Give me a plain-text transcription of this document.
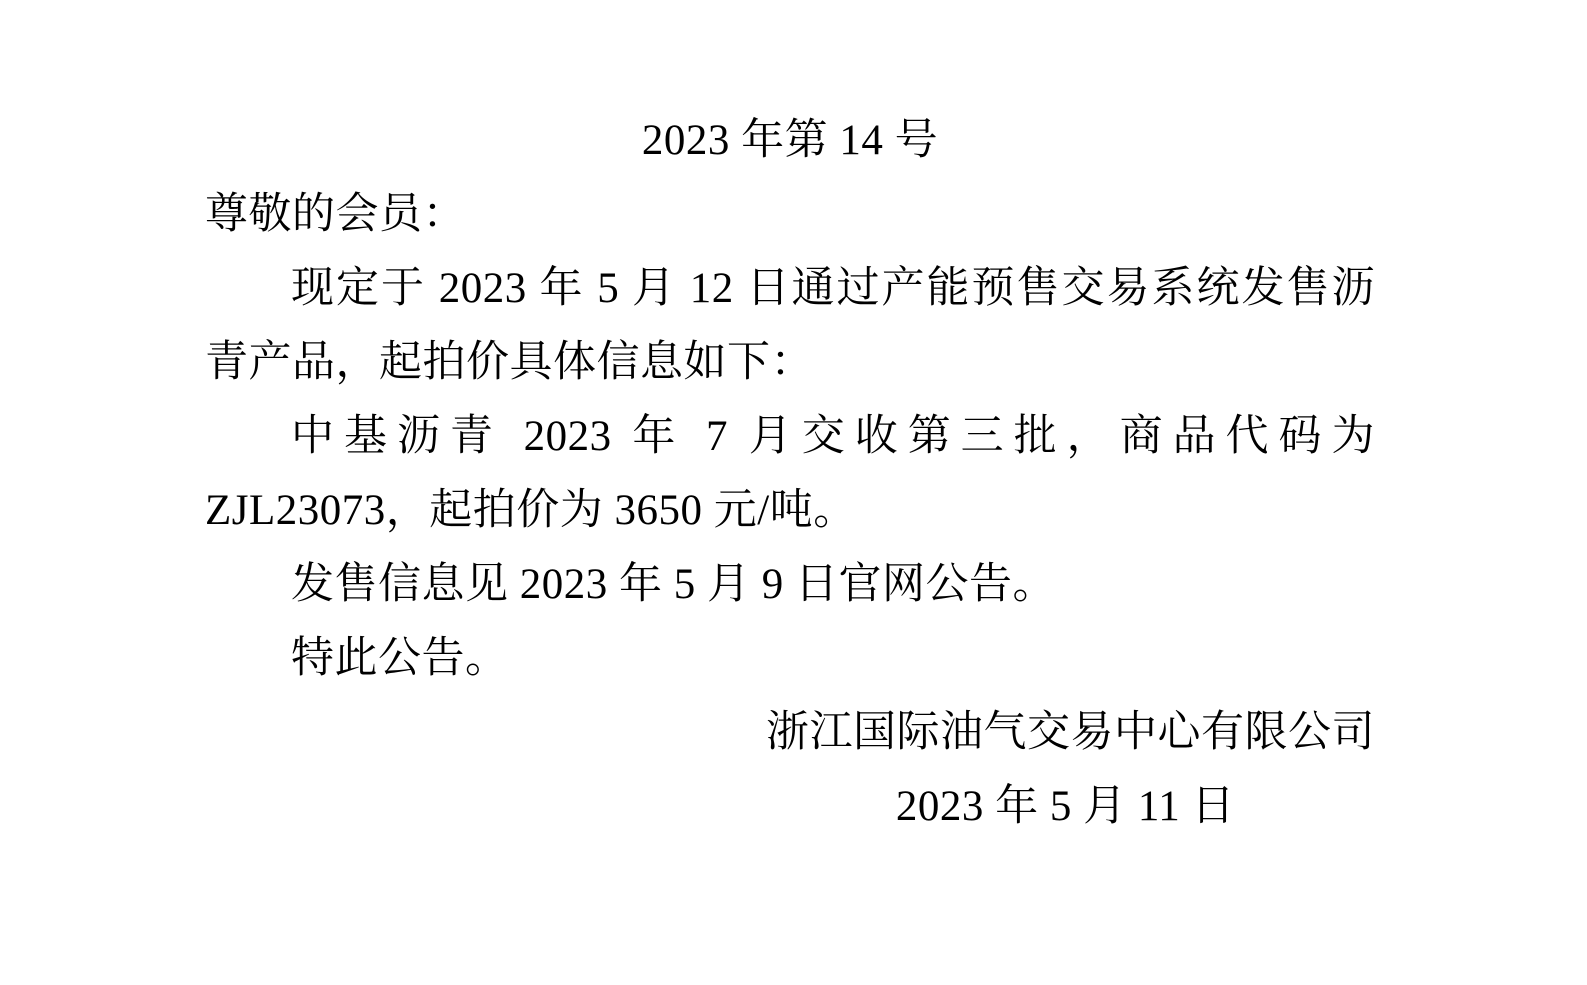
2023 年第 14 号

尊敬的会员：

现定于 2023 年 5 月 12 日通过产能预售交易系统发售沥青产品，起拍价具体信息如下：

中基沥青 2023 年 7 月交收第三批，商品代码为 ZJL23073，起拍价为 3650 元/吨。

发售信息见 2023 年 5 月 9 日官网公告。

特此公告。

浙江国际油气交易中心有限公司

2023 年 5 月 11 日
